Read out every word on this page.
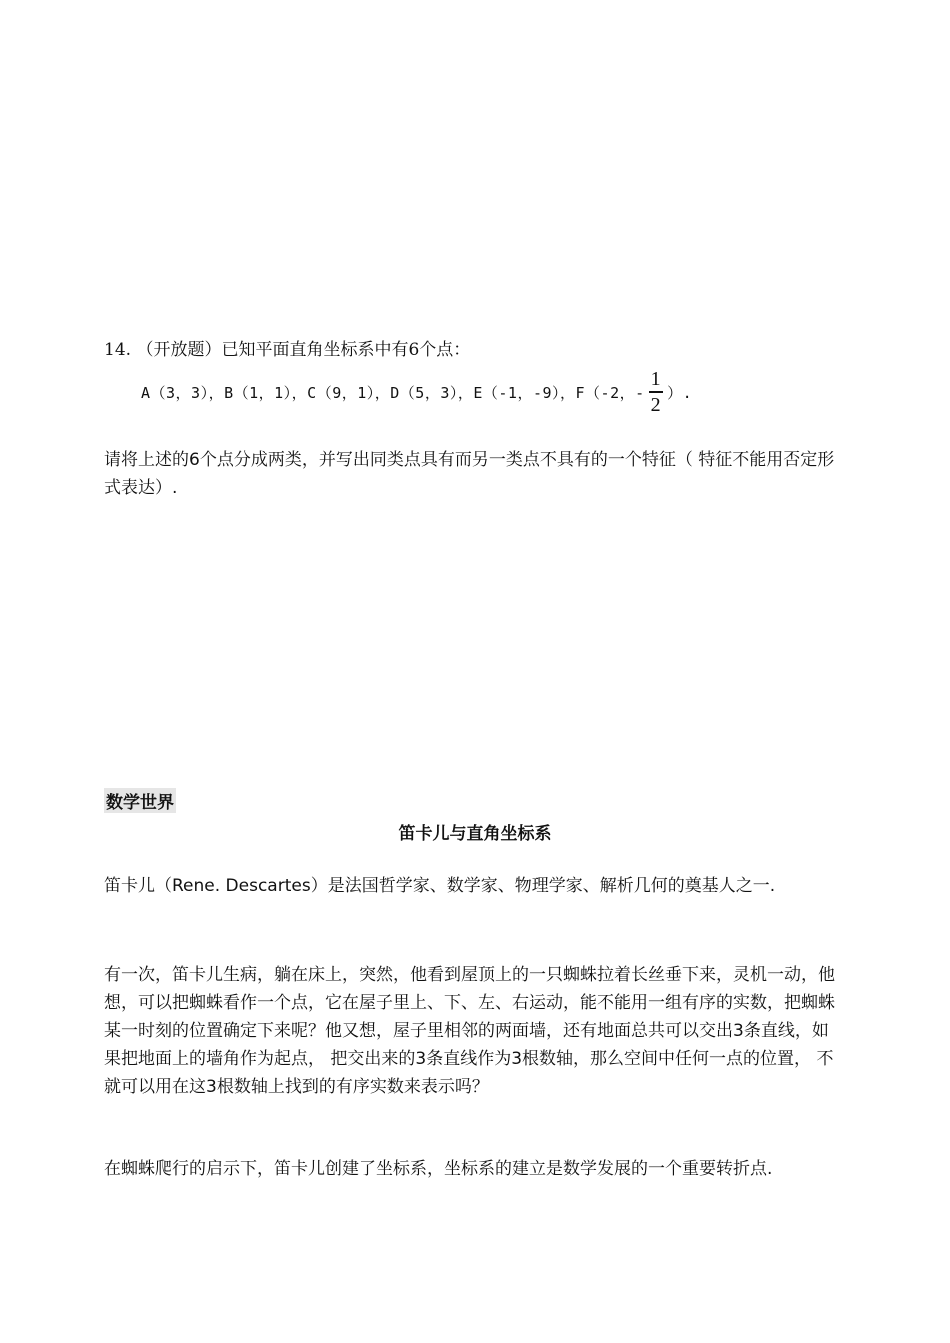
14. （开放题）已知平面直角坐标系中有6个点：
A（3，3），B（1，1），C（9，1），D（5，3），E（-1，-9），F（-2，- $\frac{1}{2}$ ）.
请将上述的6个点分成两类，并写出同类点具有而另一类点不具有的一个特征（ 特征不能用否定形式表达）.
数学世界
笛卡儿与直角坐标系
笛卡儿（Rene. Descartes）是法国哲学家、数学家、物理学家、解析几何的奠基人之一.
有一次，笛卡儿生病，躺在床上，突然，他看到屋顶上的一只蜘蛛拉着长丝垂下来，灵机一动，他想，可以把蜘蛛看作一个点，它在屋子里上、下、左、右运动，能不能用一组有序的实数，把蜘蛛某一时刻的位置确定下来呢？他又想，屋子里相邻的两面墙，还有地面总共可以交出3条直线，如果把地面上的墙角作为起点， 把交出来的3条直线作为3根数轴，那么空间中任何一点的位置， 不就可以用在这3根数轴上找到的有序实数来表示吗？
在蜘蛛爬行的启示下，笛卡儿创建了坐标系，坐标系的建立是数学发展的一个重要转折点.
